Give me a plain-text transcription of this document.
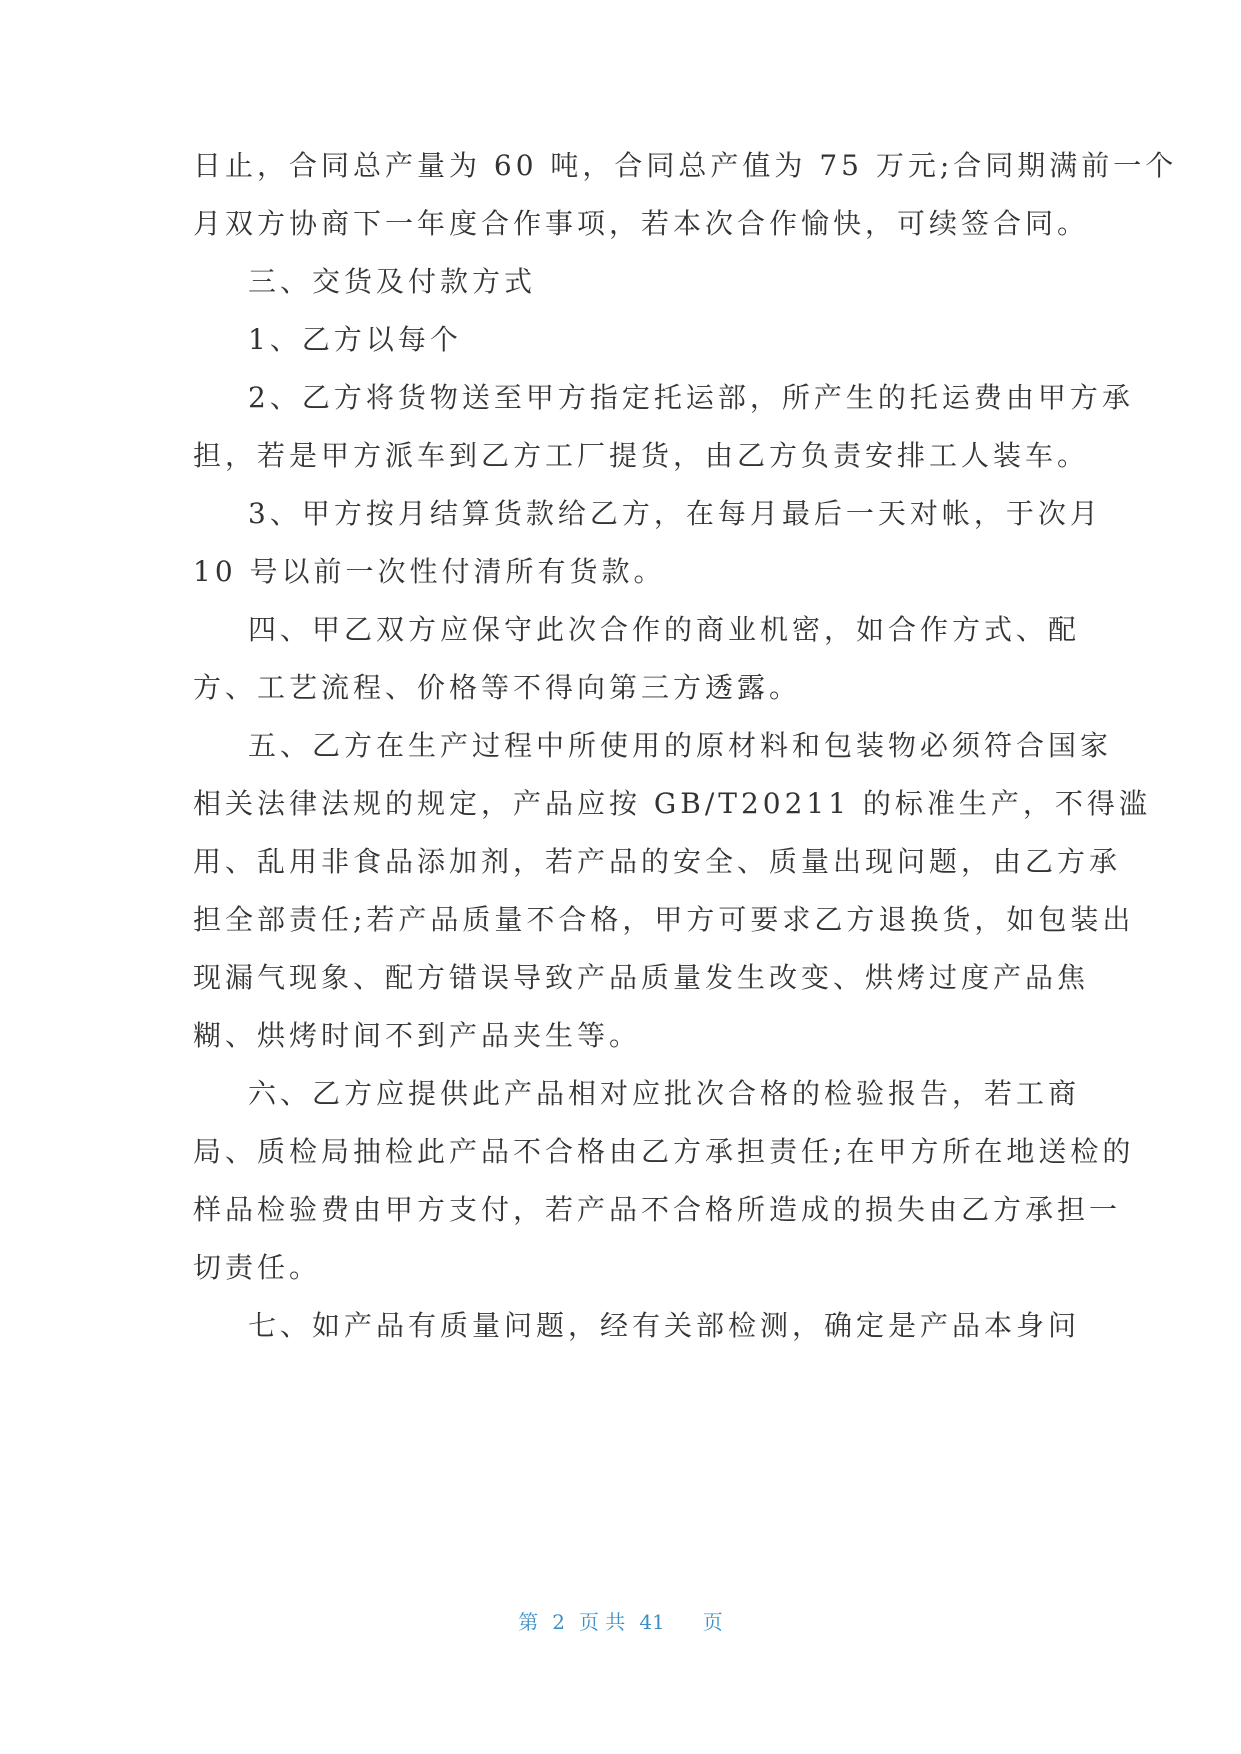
日止，合同总产量为 60 吨，合同总产值为 75 万元;合同期满前一个
月双方协商下一年度合作事项，若本次合作愉快，可续签合同。
三、交货及付款方式
1、乙方以每个
2、乙方将货物送至甲方指定托运部，所产生的托运费由甲方承
担，若是甲方派车到乙方工厂提货，由乙方负责安排工人装车。
3、甲方按月结算货款给乙方，在每月最后一天对帐，于次月
10 号以前一次性付清所有货款。
四、甲乙双方应保守此次合作的商业机密，如合作方式、配
方、工艺流程、价格等不得向第三方透露。
五、乙方在生产过程中所使用的原材料和包装物必须符合国家
相关法律法规的规定，产品应按 GB/T20211 的标准生产，不得滥
用、乱用非食品添加剂，若产品的安全、质量出现问题，由乙方承
担全部责任;若产品质量不合格，甲方可要求乙方退换货，如包装出
现漏气现象、配方错误导致产品质量发生改变、烘烤过度产品焦
糊、烘烤时间不到产品夹生等。
六、乙方应提供此产品相对应批次合格的检验报告，若工商
局、质检局抽检此产品不合格由乙方承担责任;在甲方所在地送检的
样品检验费由甲方支付，若产品不合格所造成的损失由乙方承担一
切责任。
七、如产品有质量问题，经有关部检测，确定是产品本身问
第 2 页 共 41 页
